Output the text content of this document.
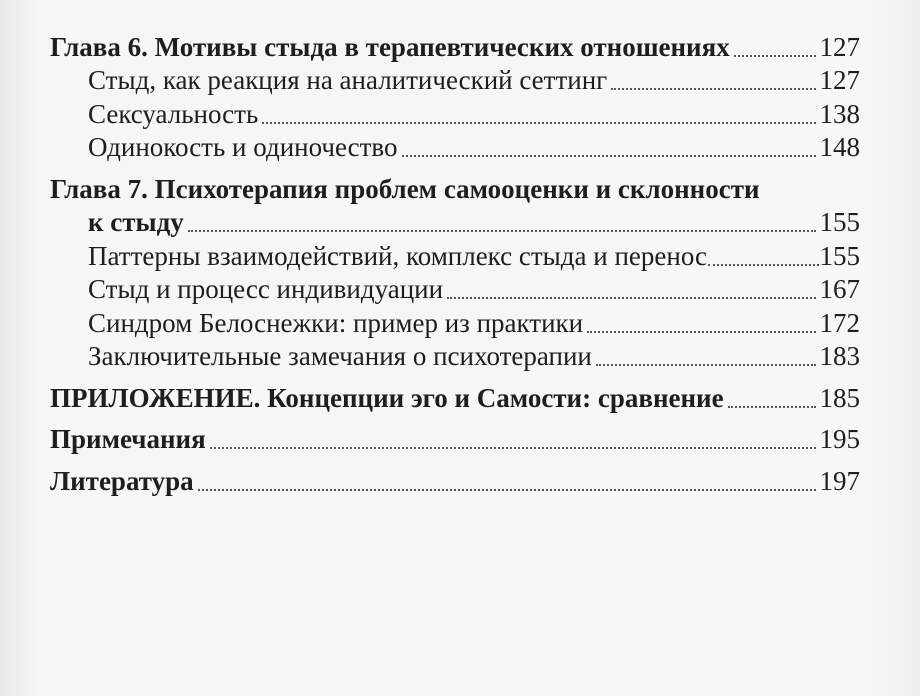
Глава 6. Мотивы стыда в терапевтических отношениях	127
Стыд, как реакция на аналитический сеттинг	127
Сексуальность	138
Одинокость и одиночество	148
Глава 7. Психотерапия проблем самооценки и склонности
к стыду	155
Паттерны взаимодействий, комплекс стыда и перенос	155
Стыд и процесс индивидуации	167
Синдром Белоснежки: пример из практики	172
Заключительные замечания о психотерапии	183
ПРИЛОЖЕНИЕ. Концепции эго и Самости: сравнение	185
Примечания	195
Литература	197
